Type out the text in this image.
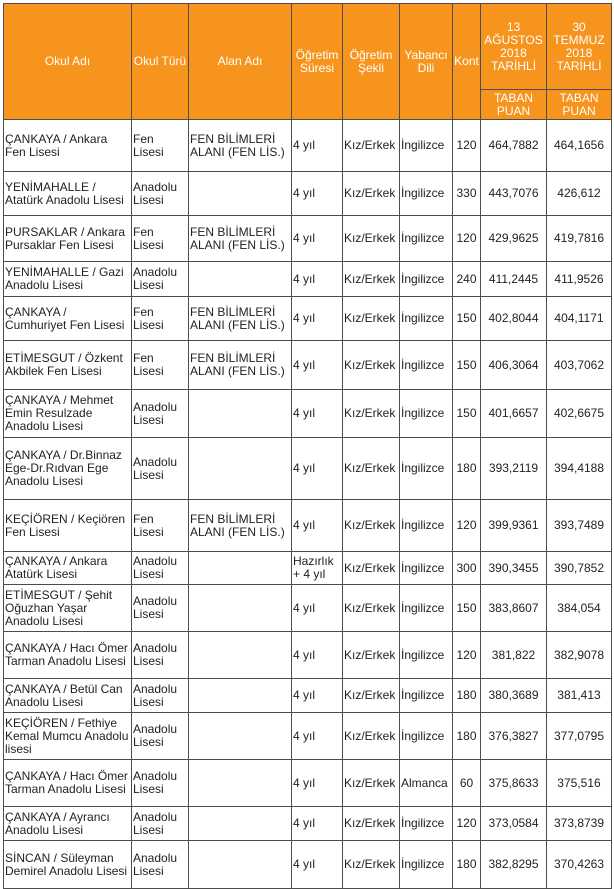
Okul Adı	Okul Türü	Alan Adı	Öğretim Süresi	Öğretim Şekli	Yabancı Dili	Kont	13 AĞUSTOS 2018 TARİHLİ	30 TEMMUZ 2018 TARİHLİ
							TABAN PUAN	TABAN PUAN
ÇANKAYA / Ankara Fen Lisesi	Fen Lisesi	FEN BİLİMLERİ ALANI (FEN LİS.)	4 yıl	Kız/Erkek	İngilizce	120	464,7882	464,1656
YENİMAHALLE / Atatürk Anadolu Lisesi	Anadolu Lisesi		4 yıl	Kız/Erkek	İngilizce	330	443,7076	426,612
PURSAKLAR / Ankara Pursaklar Fen Lisesi	Fen Lisesi	FEN BİLİMLERİ ALANI (FEN LİS.)	4 yıl	Kız/Erkek	İngilizce	120	429,9625	419,7816
YENİMAHALLE / Gazi Anadolu Lisesi	Anadolu Lisesi		4 yıl	Kız/Erkek	İngilizce	240	411,2445	411,9526
ÇANKAYA / Cumhuriyet Fen Lisesi	Fen Lisesi	FEN BİLİMLERİ ALANI (FEN LİS.)	4 yıl	Kız/Erkek	İngilizce	150	402,8044	404,1171
ETİMESGUT / Özkent Akbilek Fen Lisesi	Fen Lisesi	FEN BİLİMLERİ ALANI (FEN LİS.)	4 yıl	Kız/Erkek	İngilizce	150	406,3064	403,7062
ÇANKAYA / Mehmet Emin Resulzade Anadolu Lisesi	Anadolu Lisesi		4 yıl	Kız/Erkek	İngilizce	150	401,6657	402,6675
ÇANKAYA / Dr.Binnaz Ege-Dr.Rıdvan Ege Anadolu Lisesi	Anadolu Lisesi		4 yıl	Kız/Erkek	İngilizce	180	393,2119	394,4188
KEÇİÖREN / Keçiören Fen Lisesi	Fen Lisesi	FEN BİLİMLERİ ALANI (FEN LİS.)	4 yıl	Kız/Erkek	İngilizce	120	399,9361	393,7489
ÇANKAYA / Ankara Atatürk Lisesi	Anadolu Lisesi		Hazırlık + 4 yıl	Kız/Erkek	İngilizce	300	390,3455	390,7852
ETİMESGUT / Şehit Oğuzhan Yaşar Anadolu Lisesi	Anadolu Lisesi		4 yıl	Kız/Erkek	İngilizce	150	383,8607	384,054
ÇANKAYA / Hacı Ömer Tarman Anadolu Lisesi	Anadolu Lisesi		4 yıl	Kız/Erkek	İngilizce	120	381,822	382,9078
ÇANKAYA / Betül Can Anadolu Lisesi	Anadolu Lisesi		4 yıl	Kız/Erkek	İngilizce	180	380,3689	381,413
KEÇİÖREN / Fethiye Kemal Mumcu Anadolu lisesi	Anadolu Lisesi		4 yıl	Kız/Erkek	İngilizce	180	376,3827	377,0795
ÇANKAYA / Hacı Ömer Tarman Anadolu Lisesi	Anadolu Lisesi		4 yıl	Kız/Erkek	Almanca	60	375,8633	375,516
ÇANKAYA / Ayrancı Anadolu Lisesi	Anadolu Lisesi		4 yıl	Kız/Erkek	İngilizce	120	373,0584	373,8739
SİNCAN / Süleyman Demirel Anadolu Lisesi	Anadolu Lisesi		4 yıl	Kız/Erkek	İngilizce	180	382,8295	370,4263
